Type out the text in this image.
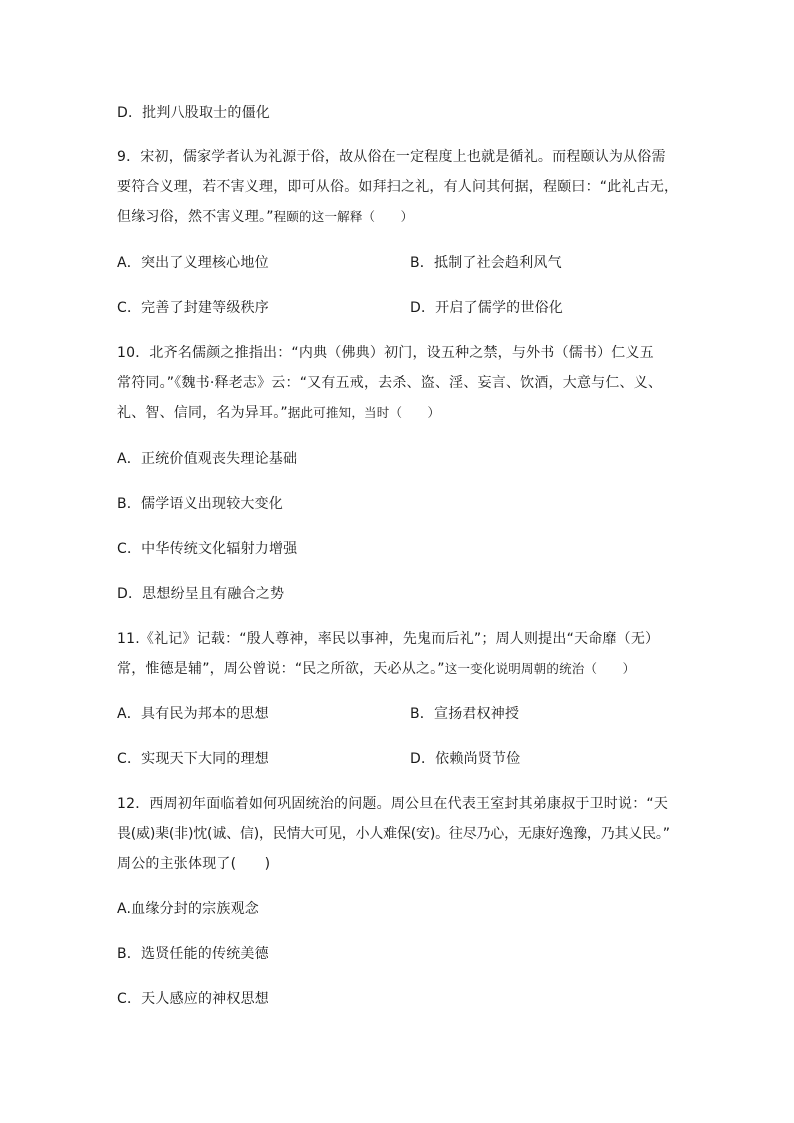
D．批判八股取士的僵化
9．宋初，儒家学者认为礼源于俗，故从俗在一定程度上也就是循礼。而程颐认为从俗需
要符合义理，若不害义理，即可从俗。如拜扫之礼，有人问其何据，程颐曰：“此礼古无，
但缘习俗，然不害义理。”程颐的这一解释（　　）
A．突出了义理核心地位	B．抵制了社会趋利风气
C．完善了封建等级秩序	D．开启了儒学的世俗化
10．北齐名儒颜之推指出：“内典（佛典）初门，设五种之禁，与外书（儒书）仁义五
常符同。”《魏书·释老志》云：“又有五戒，去杀、盗、淫、妄言、饮酒，大意与仁、义、
礼、智、信同，名为异耳。”据此可推知，当时（　　）
A．正统价值观丧失理论基础
B．儒学语义出现较大变化
C．中华传统文化辐射力增强
D．思想纷呈且有融合之势
11.《礼记》记载：“殷人尊神，率民以事神，先鬼而后礼”；周人则提出“天命靡（无）
常，惟德是辅”，周公曾说：“民之所欲，天必从之。”这一变化说明周朝的统治（　　）
A．具有民为邦本的思想	B．宣扬君权神授
C．实现天下大同的理想	D．依赖尚贤节俭
12．西周初年面临着如何巩固统治的问题。周公旦在代表王室封其弟康叔于卫时说：“天
畏(威)棐(非)忱(诚、信)，民情大可见，小人难保(安)。往尽乃心，无康好逸豫，乃其乂民。”
周公的主张体现了(　　)
A.血缘分封的宗族观念
B．选贤任能的传统美德
C．天人感应的神权思想
